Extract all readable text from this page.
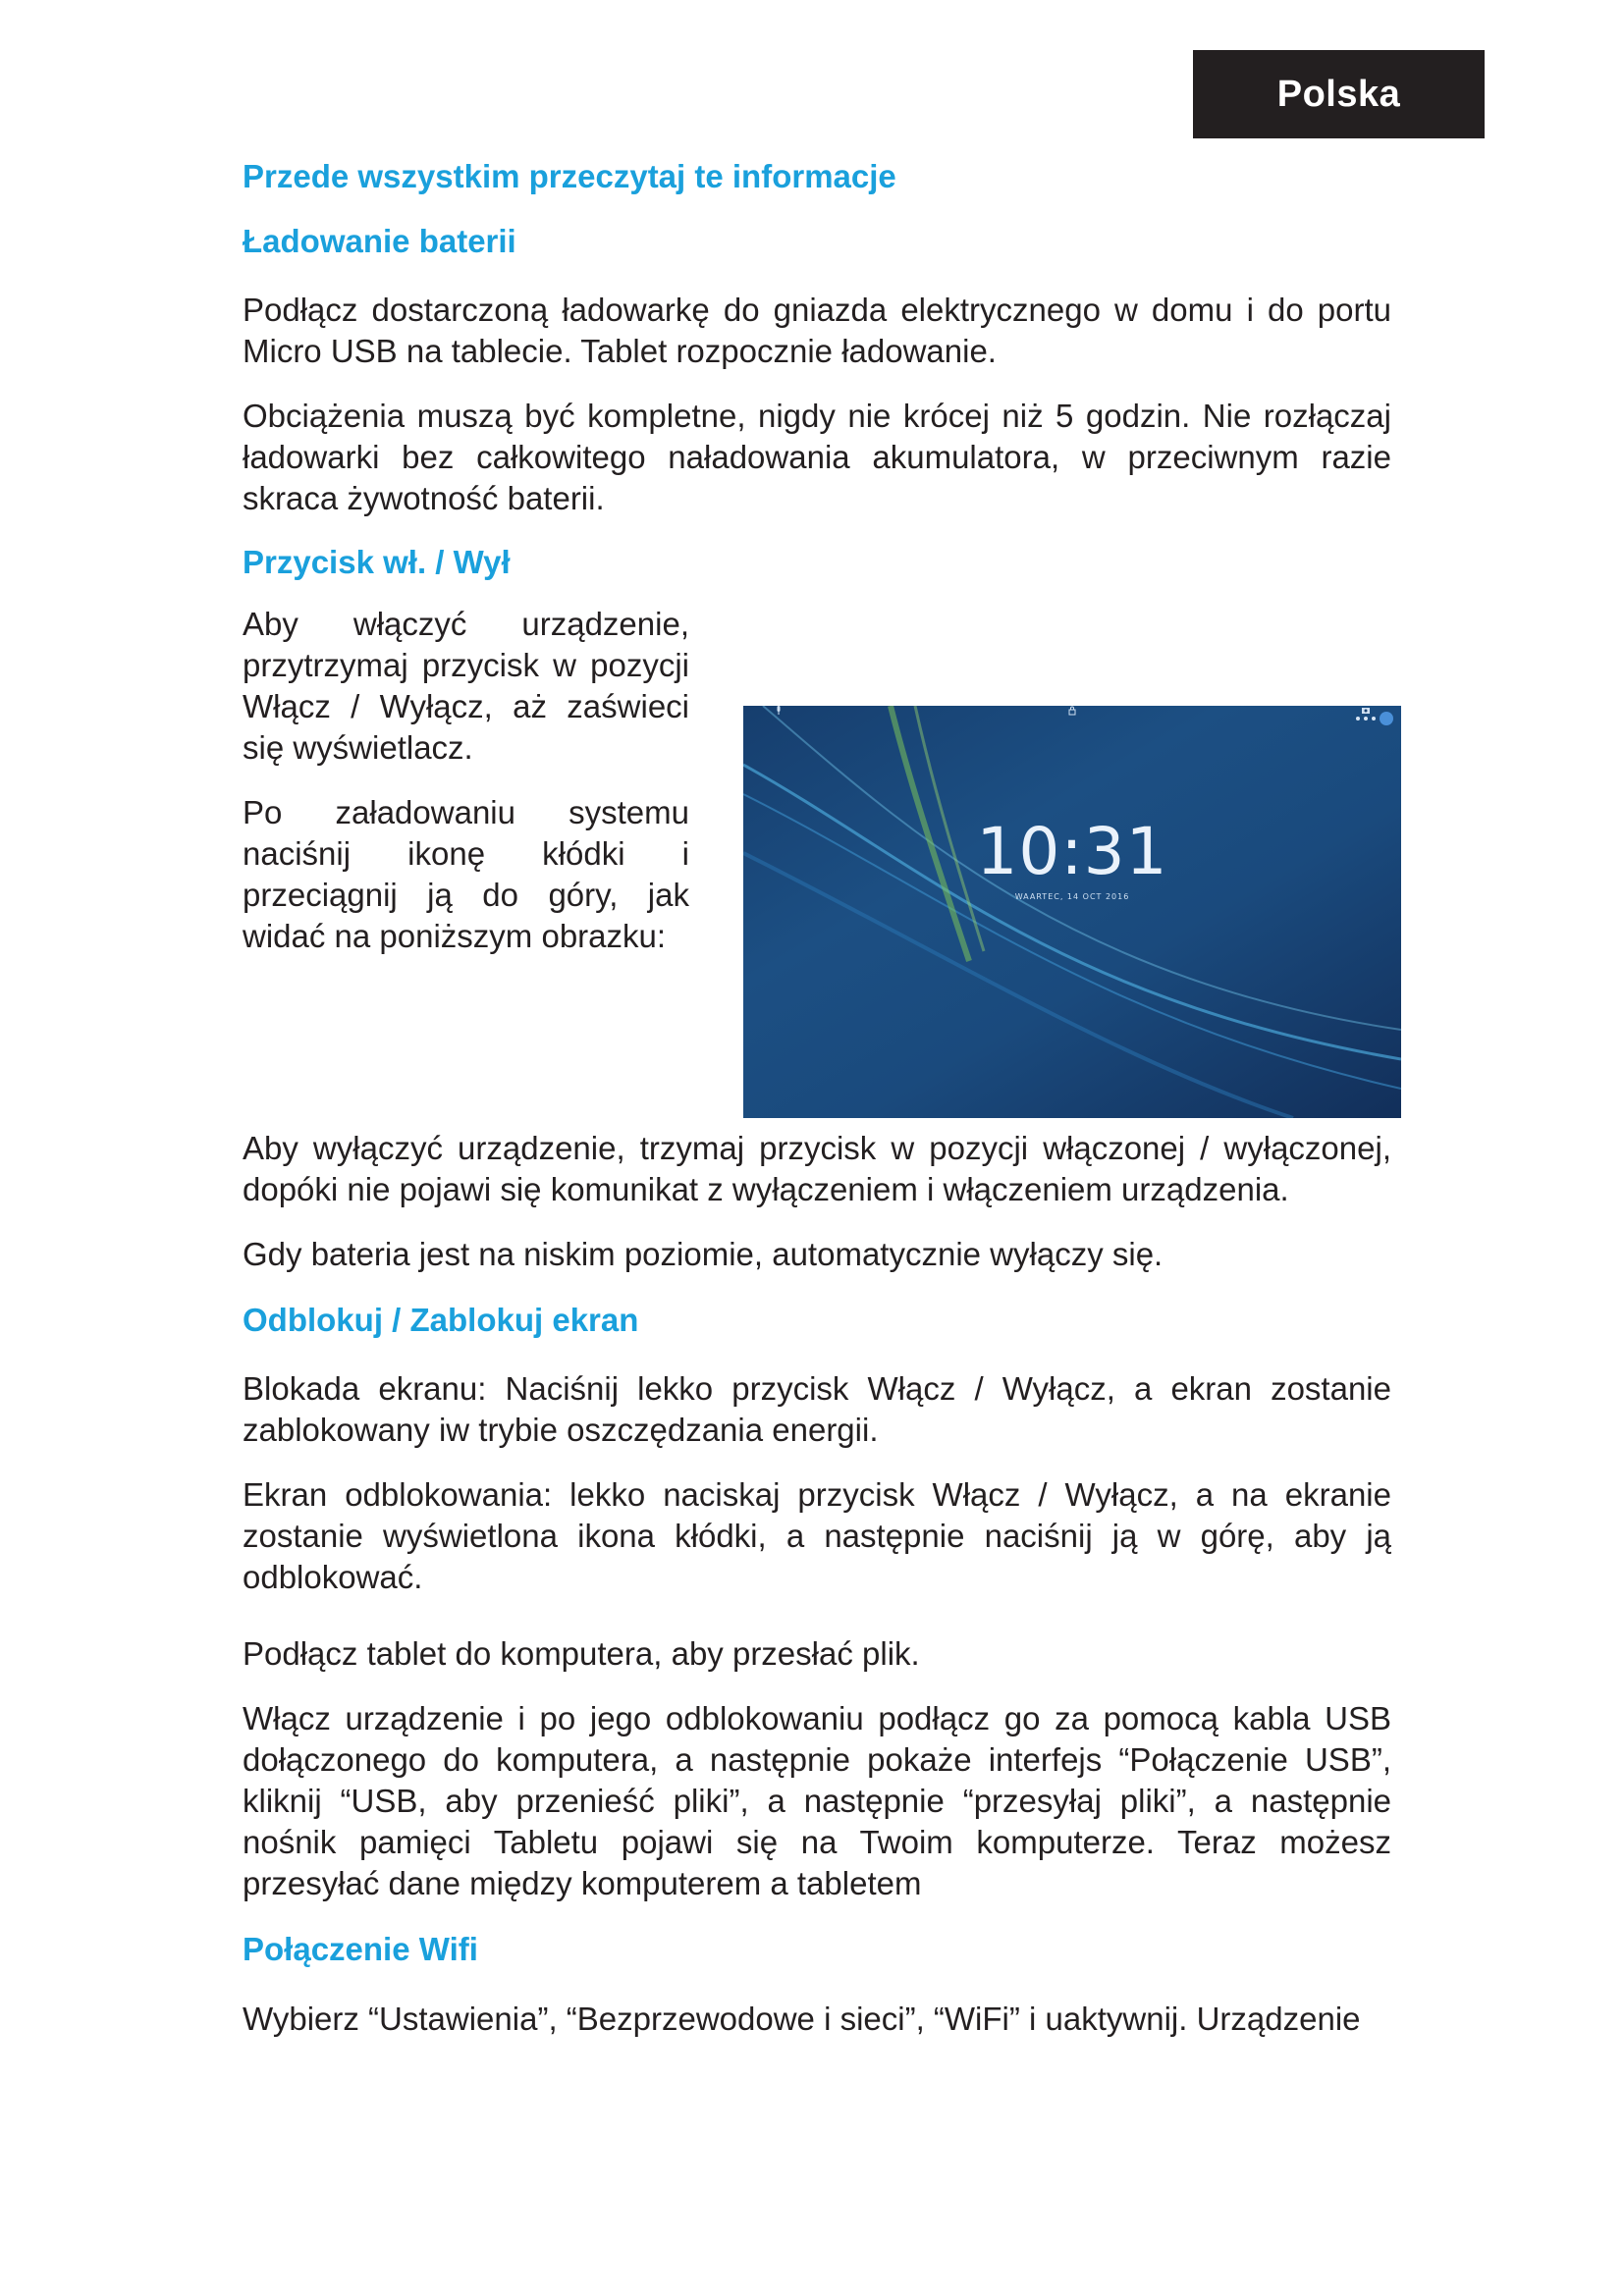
Polska
Przede wszystkim przeczytaj te informacje
Ładowanie baterii

Podłącz dostarczoną ładowarkę do gniazda elektrycznego w domu i do portu Micro USB na tablecie. Tablet rozpocznie ładowanie.

Obciążenia muszą być kompletne, nigdy nie krócej niż 5 godzin. Nie rozłączaj ładowarki bez całkowitego naładowania akumulatora, w przeciwnym razie skraca żywotność baterii.

Przycisk wł. / Wył

Aby włączyć urządzenie, przytrzymaj przycisk w pozycji Włącz / Wyłącz, aż zaświeci się wyświetlacz.

Po załadowaniu systemu naciśnij ikonę kłódki i przeciągnij ją do góry, jak widać na poniższym obrazku:

10:31
WAARTEC, 14 OCT 2016

Aby wyłączyć urządzenie, trzymaj przycisk w pozycji włączonej / wyłączonej, dopóki nie pojawi się komunikat z wyłączeniem i włączeniem urządzenia.

Gdy bateria jest na niskim poziomie, automatycznie wyłączy się.

Odblokuj / Zablokuj ekran

Blokada ekranu: Naciśnij lekko przycisk Włącz / Wyłącz, a ekran zostanie zablokowany iw trybie oszczędzania energii.

Ekran odblokowania: lekko naciskaj przycisk Włącz / Wyłącz, a na ekranie zostanie wyświetlona ikona kłódki, a następnie naciśnij ją w górę, aby ją odblokować.

Podłącz tablet do komputera, aby przesłać plik.

Włącz urządzenie i po jego odblokowaniu podłącz go za pomocą kabla USB dołączonego do komputera, a następnie pokaże interfejs “Połączenie USB”, kliknij “USB, aby przenieść pliki”, a następnie “przesyłaj pliki”, a następnie nośnik pamięci Tabletu pojawi się na Twoim komputerze. Teraz możesz przesyłać dane między komputerem a tabletem

Połączenie Wifi

Wybierz “Ustawienia”, “Bezprzewodowe i sieci”, “WiFi” i uaktywnij. Urządzenie
